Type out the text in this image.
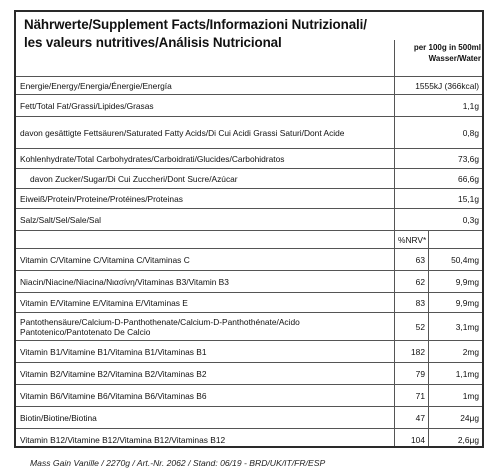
Nährwerte/Supplement Facts/Informazioni Nutrizionali/
les valeurs nutritives/Análisis Nutricional	per 100g in 500ml
Wasser/Water
Energie/Energy/Energia/Énergie/Energía	1555kJ (366kcal)
Fett/Total Fat/Grassi/Lipides/Grasas	1,1g
davon gesättigte Fettsäuren/Saturated Fatty Acids/Di Cui Acidi Grassi Saturi/Dont Acide	0,8g
Kohlenhydrate/Total Carbohydrates/Carboidrati/Glucides/Carbohidratos	73,6g
davon Zucker/Sugar/Di Cui Zuccheri/Dont Sucre/Azúcar	66,6g
Eiweiß/Protein/Proteine/Protéines/Proteinas	15,1g
Salz/Salt/Sel/Sale/Sal	0,3g
%NRV*
Vitamin C/Vitamine C/Vitamina C/Vitaminas C	63	50,4mg
Niacin/Niacine/Niacina/Νιασίνη/Vitaminas B3/Vitamin B3	62	9,9mg
Vitamin E/Vitamine E/Vitamina E/Vitaminas E	83	9,9mg
Pantothensäure/Calcium-D-Panthothenate/Calcium-D-Panthothénate/Acido Pantotenico/Pantotenato De Calcio	52	3,1mg
Vitamin B1/Vitamine B1/Vitamina B1/Vitaminas B1	182	2mg
Vitamin B2/Vitamine B2/Vitamina B2/Vitaminas B2	79	1,1mg
Vitamin B6/Vitamine B6/Vitamina B6/Vitaminas B6	71	1mg
Biotin/Biotine/Biotina	47	24μg
Vitamin B12/Vitamine B12/Vitamina B12/Vitaminas B12	104	2,6μg
Mass Gain Vanille / 2270g / Art.-Nr. 2062 / Stand: 06/19 - BRD/UK/IT/FR/ESP
